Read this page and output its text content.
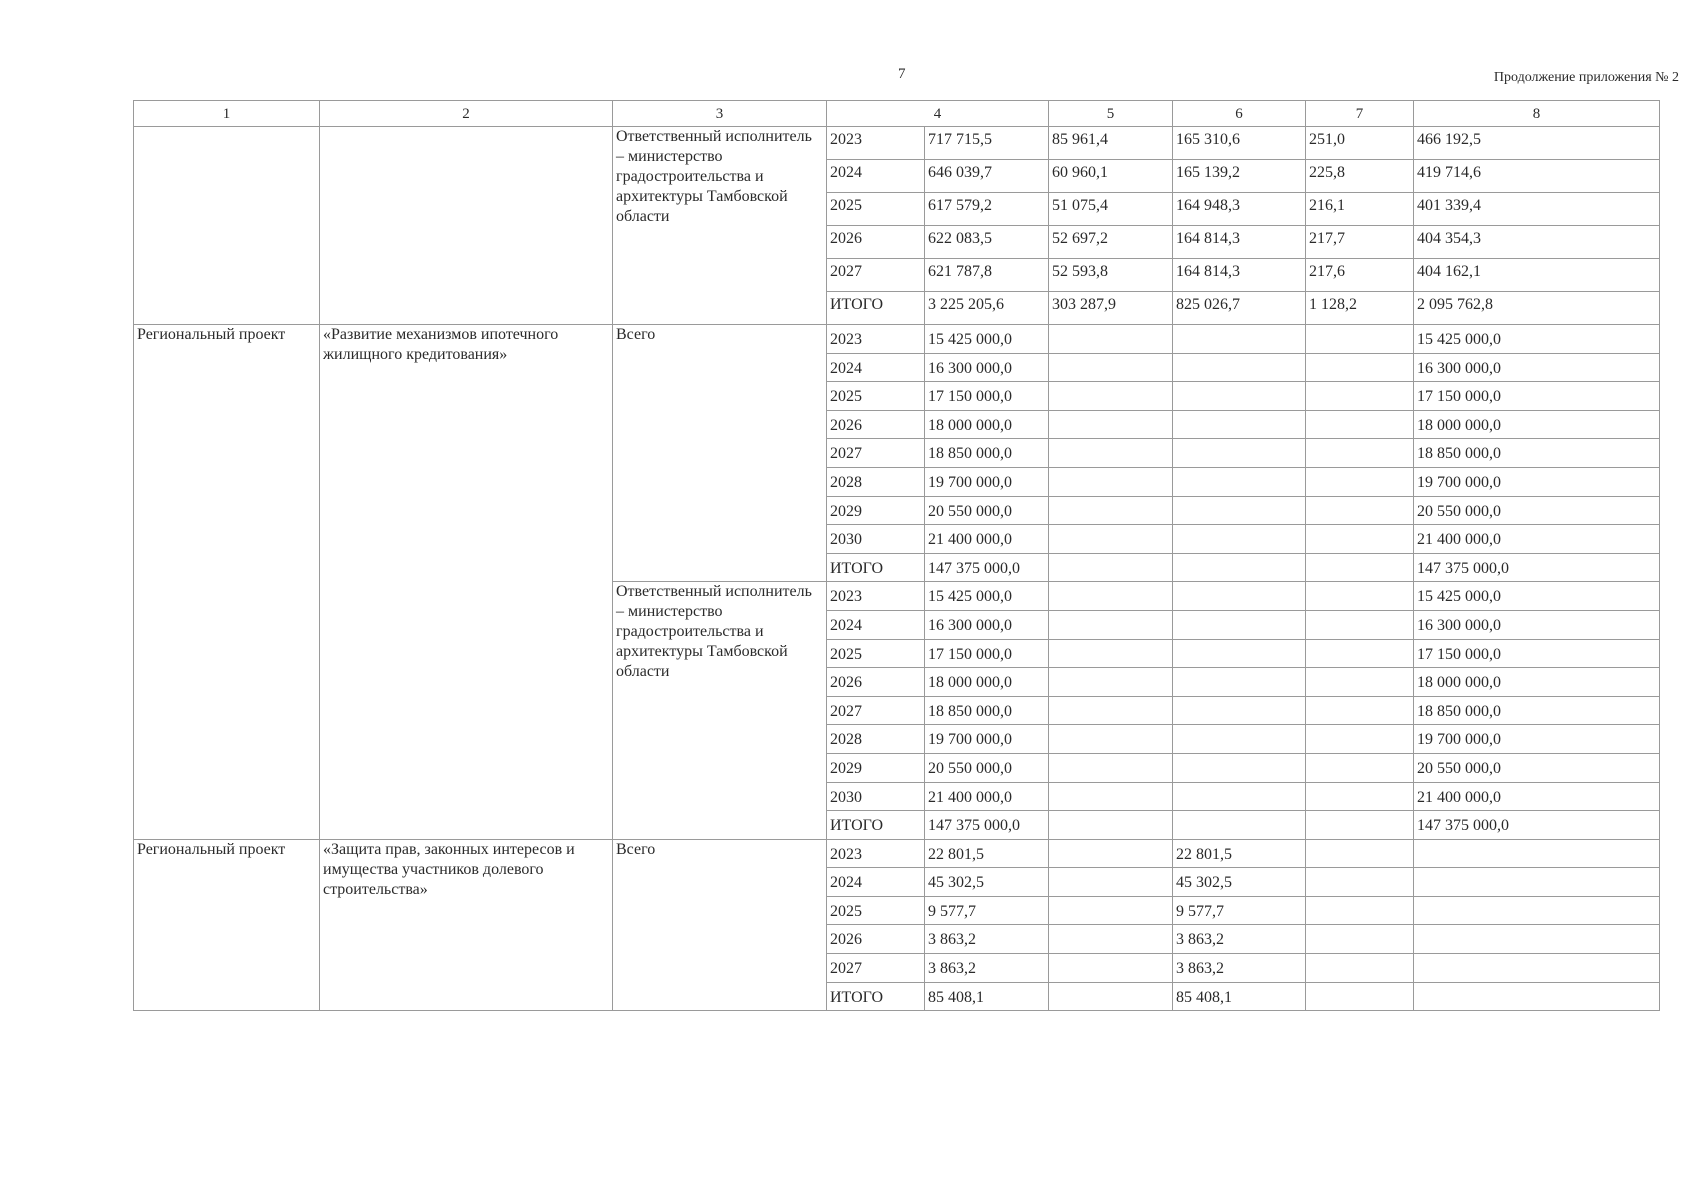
7	Продолжение приложения № 2
1	2	3	4		5	6	7	8
		Ответственный исполнитель – министерство градостроительства и архитектуры Тамбовской области	2023	717 715,5	85 961,4	165 310,6	251,0	466 192,5
			2024	646 039,7	60 960,1	165 139,2	225,8	419 714,6
			2025	617 579,2	51 075,4	164 948,3	216,1	401 339,4
			2026	622 083,5	52 697,2	164 814,3	217,7	404 354,3
			2027	621 787,8	52 593,8	164 814,3	217,6	404 162,1
			ИТОГО	3 225 205,6	303 287,9	825 026,7	1 128,2	2 095 762,8
Региональный проект	«Развитие механизмов ипотечного жилищного кредитования»	Всего	2023	15 425 000,0				15 425 000,0
			2024	16 300 000,0				16 300 000,0
			2025	17 150 000,0				17 150 000,0
			2026	18 000 000,0				18 000 000,0
			2027	18 850 000,0				18 850 000,0
			2028	19 700 000,0				19 700 000,0
			2029	20 550 000,0				20 550 000,0
			2030	21 400 000,0				21 400 000,0
			ИТОГО	147 375 000,0				147 375 000,0
		Ответственный исполнитель – министерство градостроительства и архитектуры Тамбовской области	2023	15 425 000,0				15 425 000,0
			2024	16 300 000,0				16 300 000,0
			2025	17 150 000,0				17 150 000,0
			2026	18 000 000,0				18 000 000,0
			2027	18 850 000,0				18 850 000,0
			2028	19 700 000,0				19 700 000,0
			2029	20 550 000,0				20 550 000,0
			2030	21 400 000,0				21 400 000,0
			ИТОГО	147 375 000,0				147 375 000,0
Региональный проект	«Защита прав, законных интересов и имущества участников долевого строительства»	Всего	2023	22 801,5		22 801,5		
			2024	45 302,5		45 302,5		
			2025	9 577,7		9 577,7		
			2026	3 863,2		3 863,2		
			2027	3 863,2		3 863,2		
			ИТОГО	85 408,1		85 408,1		
